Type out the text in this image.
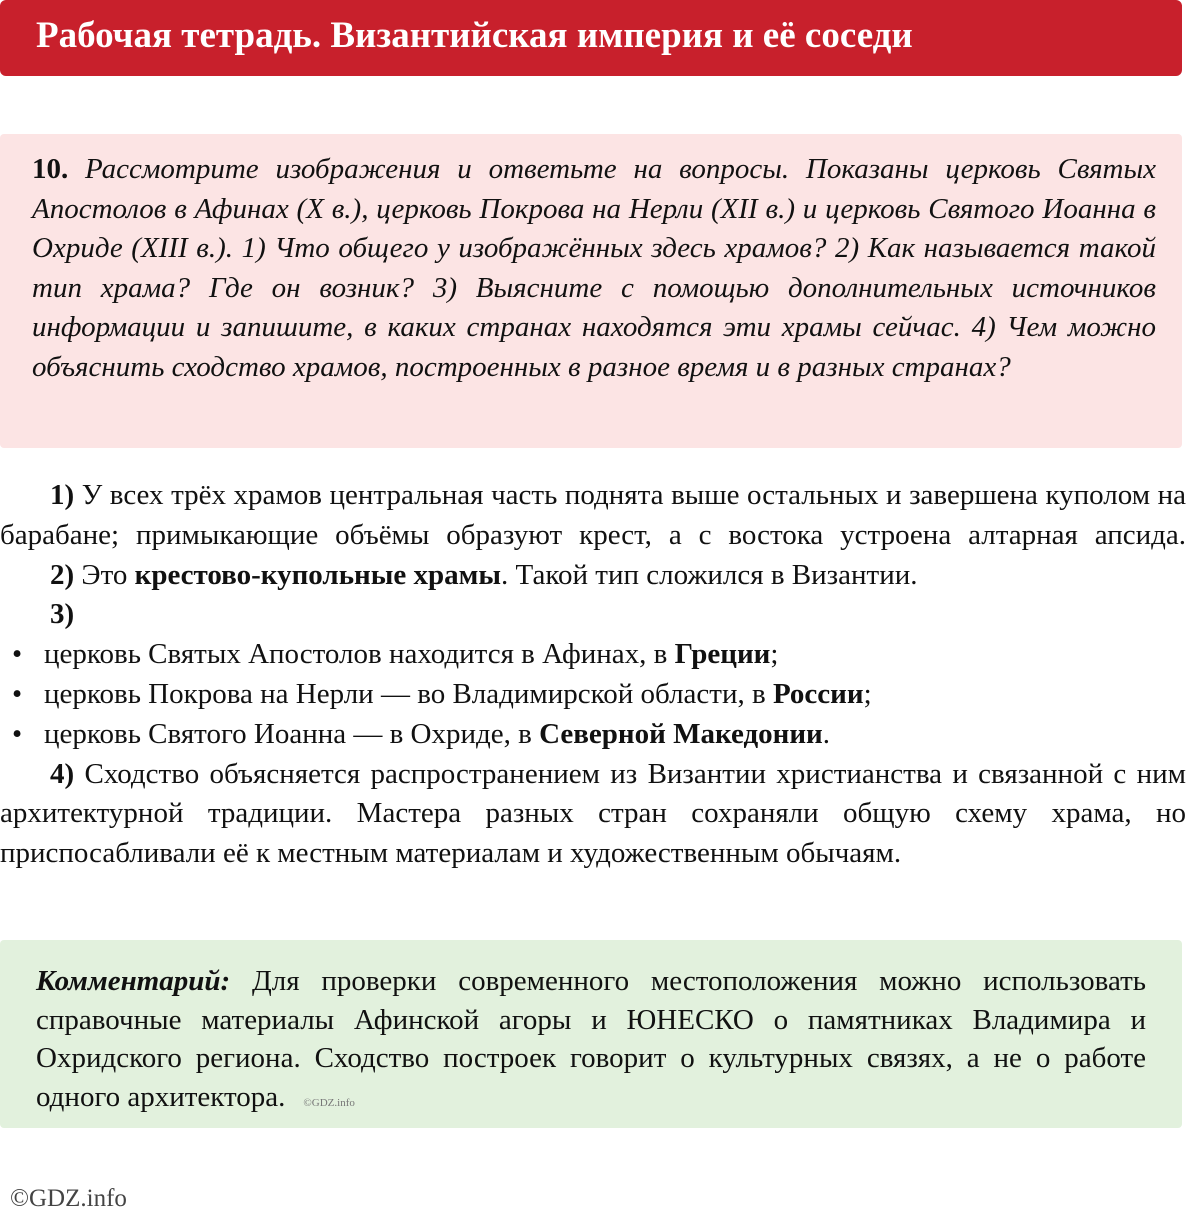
Рабочая тетрадь. Византийская империя и её соседи

10. Рассмотрите изображения и ответьте на вопросы. Показаны церковь Святых Апостолов в Афинах (X в.), церковь Покрова на Нерли (XII в.) и церковь Святого Иоанна в Охриде (XIII в.). 1) Что общего у изображённых здесь храмов? 2) Как называется такой тип храма? Где он возник? 3) Выясните с помощью дополнительных источников информации и запишите, в каких странах находятся эти храмы сейчас. 4) Чем можно объяснить сходство храмов, построенных в разное время и в разных странах?

1) У всех трёх храмов центральная часть поднята выше остальных и завершена куполом на барабане; примыкающие объёмы образуют крест, а с востока устроена алтарная апсида.

2) Это крестово-купольные храмы. Такой тип сложился в Византии.

3)

• церковь Святых Апостолов находится в Афинах, в Греции;
• церковь Покрова на Нерли — во Владимирской области, в России;
• церковь Святого Иоанна — в Охриде, в Северной Македонии.

4) Сходство объясняется распространением из Византии христианства и связанной с ним архитектурной традиции. Мастера разных стран сохраняли общую схему храма, но приспосабливали её к местным материалам и художественным обычаям.

Комментарий: Для проверки современного местоположения можно использовать справочные материалы Афинской агоры и ЮНЕСКО о памятниках Владимира и Охридского региона. Сходство построек говорит о культурных связях, а не о работе одного архитектора. ©GDZ.info

©GDZ.info
